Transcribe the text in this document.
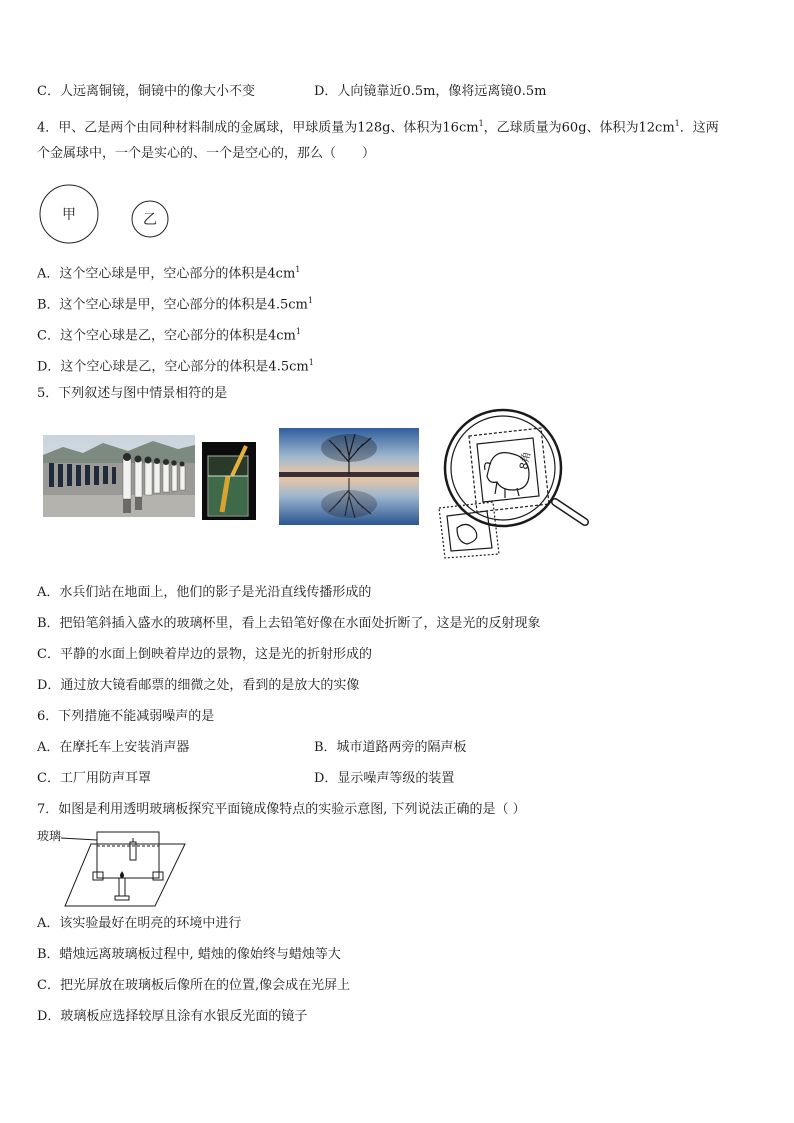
C．人远离铜镜，铜镜中的像大小不变	D．人向镜靠近0.5m，像将远离镜0.5m
4．甲、乙是两个由同种材料制成的金属球，甲球质量为128g、体积为$16cm^1$，乙球质量为60g、体积为$12cm^1$．这两
个金属球中，一个是实心的、一个是空心的，那么（　　）
甲	乙
A．这个空心球是甲，空心部分的体积是$4cm^1$
B．这个空心球是甲，空心部分的体积是$4.5cm^1$
C．这个空心球是乙，空心部分的体积是$4cm^1$
D．这个空心球是乙，空心部分的体积是$4.5cm^1$
5．下列叙述与图中情景相符的是
8角
A．水兵们站在地面上，他们的影子是光沿直线传播形成的
B．把铅笔斜插入盛水的玻璃杯里，看上去铅笔好像在水面处折断了，这是光的反射现象
C．平静的水面上倒映着岸边的景物，这是光的折射形成的
D．通过放大镜看邮票的细微之处，看到的是放大的实像
6．下列措施不能减弱噪声的是
A．在摩托车上安装消声器	B．城市道路两旁的隔声板
C．工厂用防声耳罩	D．显示噪声等级的装置
7．如图是利用透明玻璃板探究平面镜成像特点的实验示意图, 下列说法正确的是（ ）
玻璃
A．该实验最好在明亮的环境中进行
B．蜡烛远离玻璃板过程中, 蜡烛的像始终与蜡烛等大
C．把光屏放在玻璃板后像所在的位置,像会成在光屏上
D．玻璃板应选择较厚且涂有水银反光面的镜子
